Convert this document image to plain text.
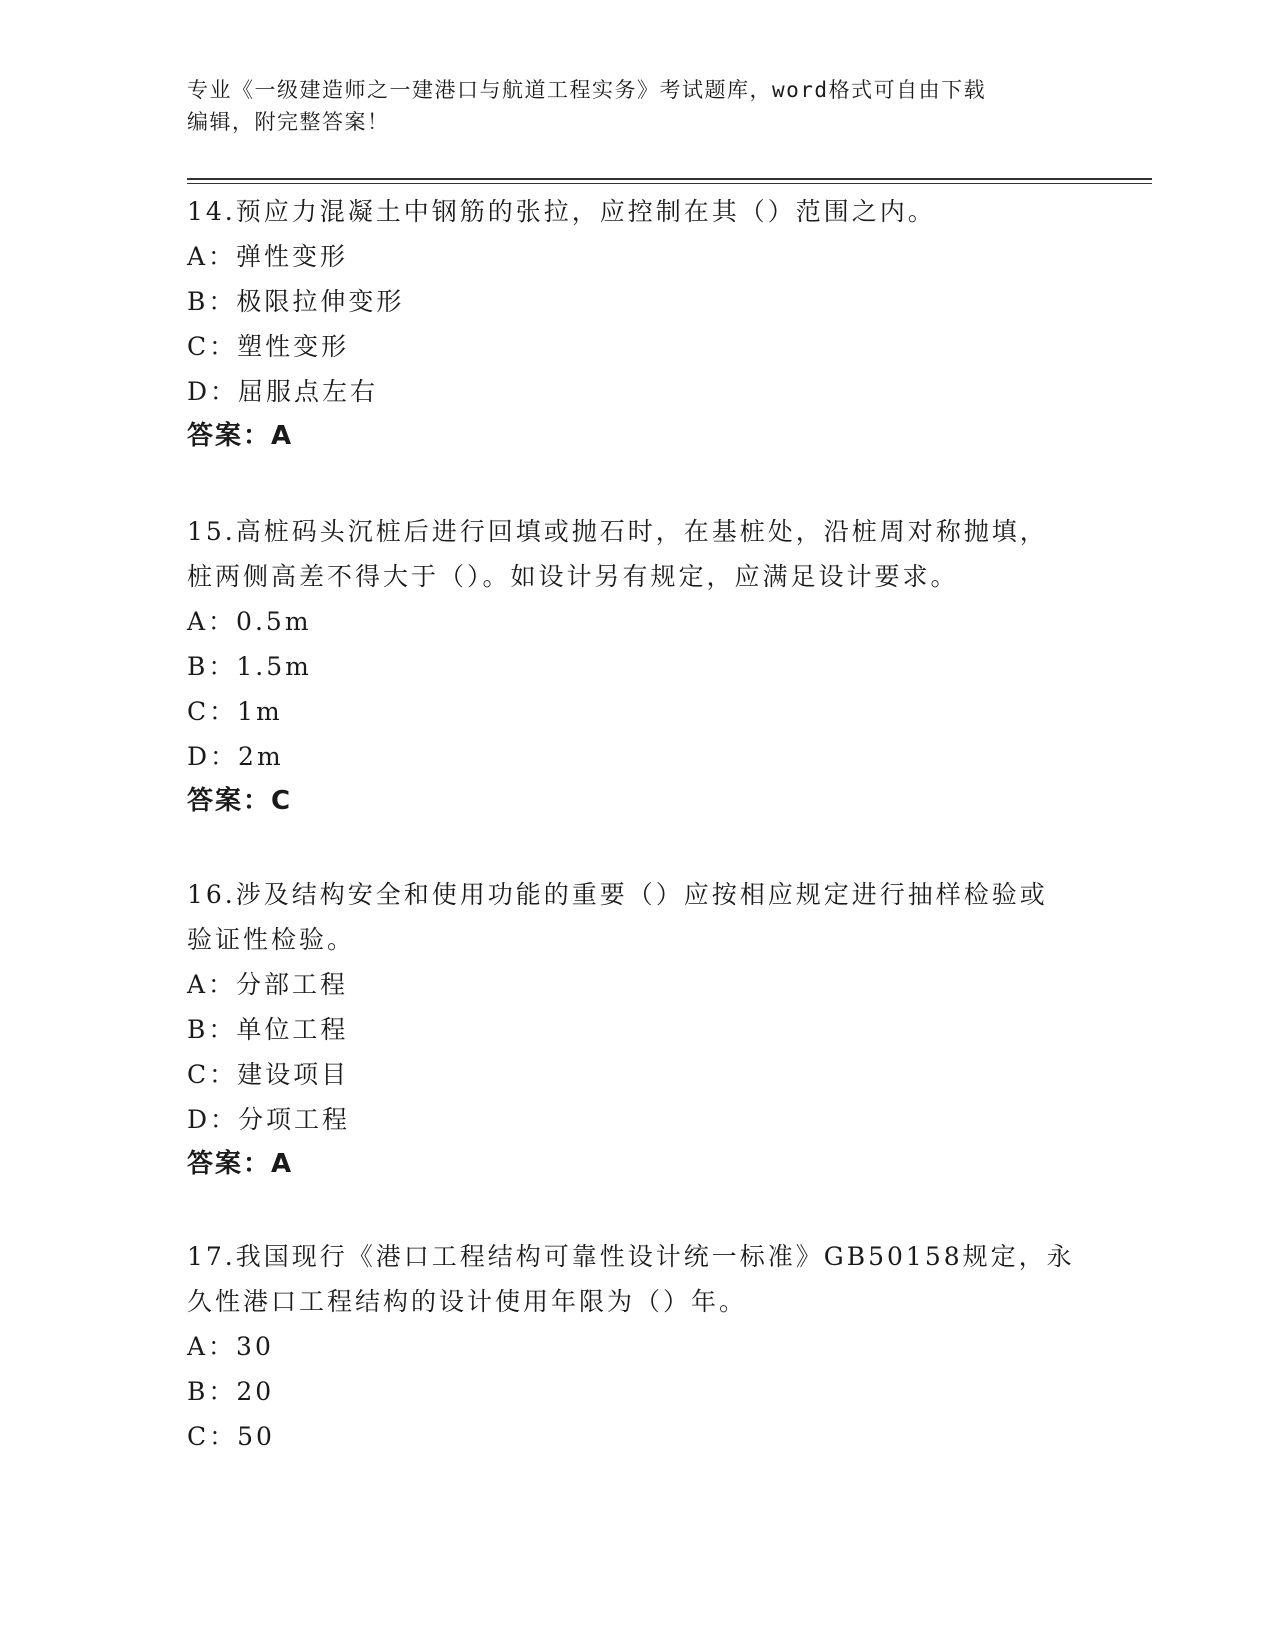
专业《一级建造师之一建港口与航道工程实务》考试题库，word格式可自由下载
编辑，附完整答案！
14.预应力混凝土中钢筋的张拉，应控制在其（）范围之内。
A：弹性变形
B：极限拉伸变形
C：塑性变形
D：屈服点左右
答案：A
15.高桩码头沉桩后进行回填或抛石时，在基桩处，沿桩周对称抛填，
桩两侧高差不得大于（）。如设计另有规定，应满足设计要求。
A：0.5m
B：1.5m
C：1m
D：2m
答案：C
16.涉及结构安全和使用功能的重要（）应按相应规定进行抽样检验或
验证性检验。
A：分部工程
B：单位工程
C：建设项目
D：分项工程
答案：A
17.我国现行《港口工程结构可靠性设计统一标准》GB50158规定，永
久性港口工程结构的设计使用年限为（）年。
A：30
B：20
C：50
